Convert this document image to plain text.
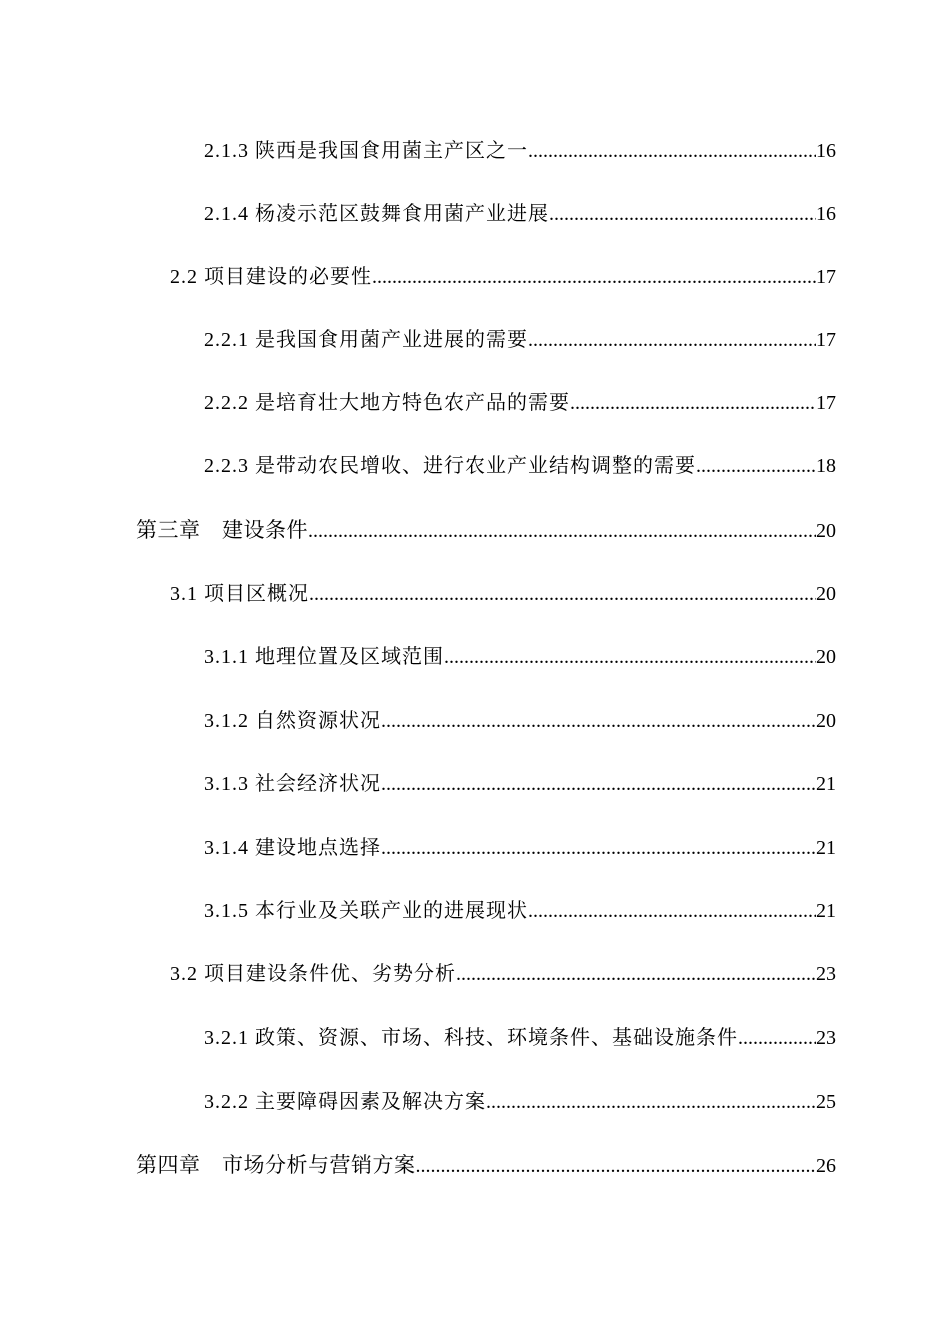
2.1.3 陕西是我国食用菌主产区之一 .....	16
2.1.4 杨凌示范区鼓舞食用菌产业进展 .....	16
2.2 项目建设的必要性 .....	17
2.2.1 是我国食用菌产业进展的需要 .....	17
2.2.2 是培育壮大地方特色农产品的需要 .....	17
2.2.3 是带动农民增收、进行农业产业结构调整的需要 .....	18
第三章　建设条件 .....	20
3.1 项目区概况 .....	20
3.1.1 地理位置及区域范围 .....	20
3.1.2 自然资源状况 .....	20
3.1.3 社会经济状况 .....	21
3.1.4 建设地点选择 .....	21
3.1.5 本行业及关联产业的进展现状 .....	21
3.2 项目建设条件优、劣势分析 .....	23
3.2.1 政策、资源、市场、科技、环境条件、基础设施条件 .....	23
3.2.2 主要障碍因素及解决方案 .....	25
第四章　市场分析与营销方案 .....	26
